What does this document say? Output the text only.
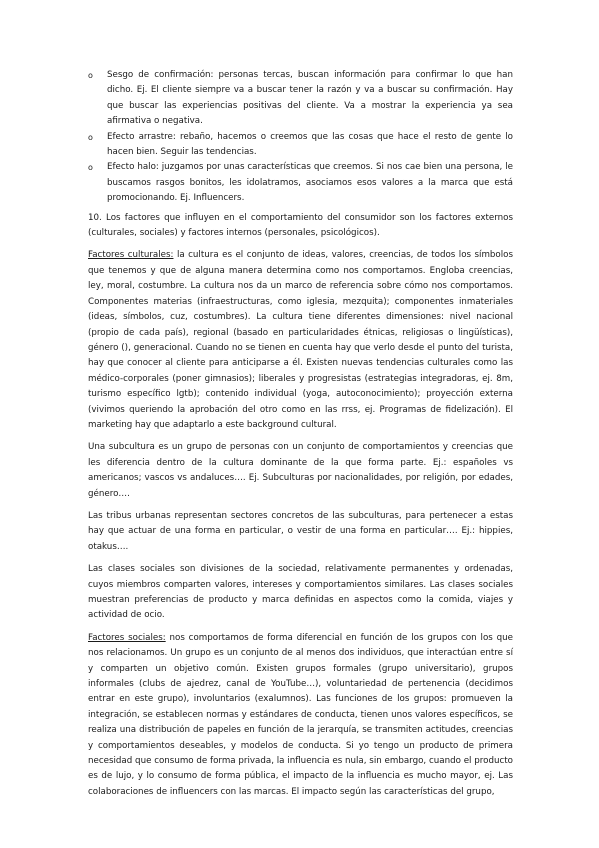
o Sesgo de confirmación: personas tercas, buscan información para confirmar lo que han dicho. Ej. El cliente siempre va a buscar tener la razón y va a buscar su confirmación. Hay que buscar las experiencias positivas del cliente. Va a mostrar la experiencia ya sea afirmativa o negativa.
o Efecto arrastre: rebaño, hacemos o creemos que las cosas que hace el resto de gente lo hacen bien. Seguir las tendencias.
o Efecto halo: juzgamos por unas características que creemos. Si nos cae bien una persona, le buscamos rasgos bonitos, les idolatramos, asociamos esos valores a la marca que está promocionando. Ej. Influencers.

10. Los factores que influyen en el comportamiento del consumidor son los factores externos (culturales, sociales) y factores internos (personales, psicológicos).

Factores culturales: la cultura es el conjunto de ideas, valores, creencias, de todos los símbolos que tenemos y que de alguna manera determina como nos comportamos. Engloba creencias, ley, moral, costumbre. La cultura nos da un marco de referencia sobre cómo nos comportamos. Componentes materias (infraestructuras, como iglesia, mezquita); componentes inmateriales (ideas, símbolos, cuz, costumbres). La cultura tiene diferentes dimensiones: nivel nacional (propio de cada país), regional (basado en particularidades étnicas, religiosas o lingüísticas), género (), generacional. Cuando no se tienen en cuenta hay que verlo desde el punto del turista, hay que conocer al cliente para anticiparse a él. Existen nuevas tendencias culturales como las médico-corporales (poner gimnasios); liberales y progresistas (estrategias integradoras, ej. 8m, turismo específico lgtb); contenido individual (yoga, autoconocimiento); proyección externa (vivimos queriendo la aprobación del otro como en las rrss, ej. Programas de fidelización). El marketing hay que adaptarlo a este background cultural.

Una subcultura es un grupo de personas con un conjunto de comportamientos y creencias que les diferencia dentro de la cultura dominante de la que forma parte. Ej.: españoles vs americanos; vascos vs andaluces…. Ej. Subculturas por nacionalidades, por religión, por edades, género….

Las tribus urbanas representan sectores concretos de las subculturas, para pertenecer a estas hay que actuar de una forma en particular, o vestir de una forma en particular…. Ej.: hippies, otakus….

Las clases sociales son divisiones de la sociedad, relativamente permanentes y ordenadas, cuyos miembros comparten valores, intereses y comportamientos similares. Las clases sociales muestran preferencias de producto y marca definidas en aspectos como la comida, viajes y actividad de ocio.

Factores sociales: nos comportamos de forma diferencial en función de los grupos con los que nos relacionamos. Un grupo es un conjunto de al menos dos individuos, que interactúan entre sí y comparten un objetivo común. Existen grupos formales (grupo universitario), grupos informales (clubs de ajedrez, canal de YouTube…), voluntariedad de pertenencia (decidimos entrar en este grupo), involuntarios (exalumnos). Las funciones de los grupos: promueven la integración, se establecen normas y estándares de conducta, tienen unos valores específicos, se realiza una distribución de papeles en función de la jerarquía, se transmiten actitudes, creencias y comportamientos deseables, y modelos de conducta. Si yo tengo un producto de primera necesidad que consumo de forma privada, la influencia es nula, sin embargo, cuando el producto es de lujo, y lo consumo de forma pública, el impacto de la influencia es mucho mayor, ej. Las colaboraciones de influencers con las marcas. El impacto según las características del grupo,
